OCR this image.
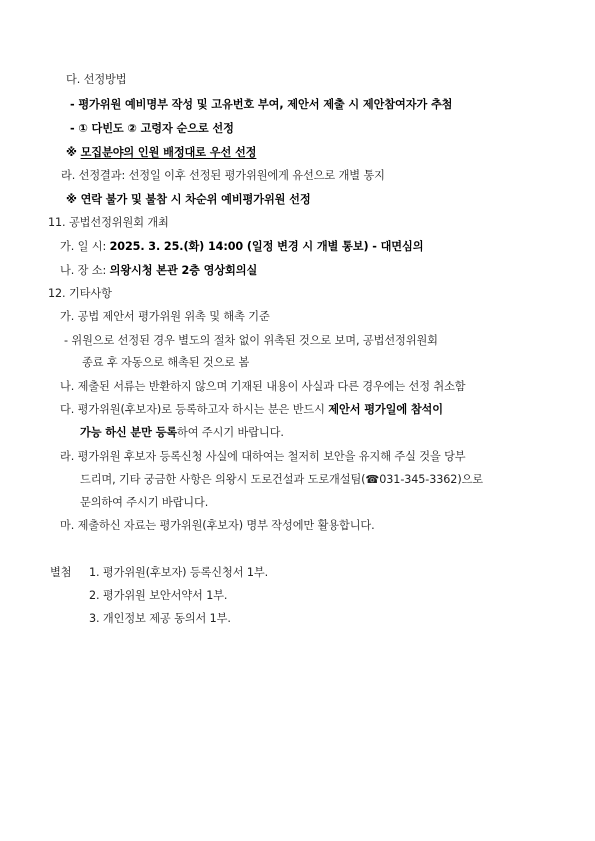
다. 선정방법
- 평가위원 예비명부 작성 및 고유번호 부여, 제안서 제출 시 제안참여자가 추첨
- ① 다빈도 ② 고령자 순으로 선정
※ 모집분야의 인원 배정대로 우선 선정
라. 선정결과: 선정일 이후 선정된 평가위원에게 유선으로 개별 통지
※ 연락 불가 및 불참 시 차순위 예비평가위원 선정
11. 공법선정위원회 개최
가. 일 시: 2025. 3. 25.(화) 14:00 (일정 변경 시 개별 통보) - 대면심의
나. 장 소: 의왕시청 본관 2층 영상회의실
12. 기타사항
가. 공법 제안서 평가위원 위촉 및 해촉 기준
- 위원으로 선정된 경우 별도의 절차 없이 위촉된 것으로 보며, 공법선정위원회
종료 후 자동으로 해촉된 것으로 봄
나. 제출된 서류는 반환하지 않으며 기재된 내용이 사실과 다른 경우에는 선정 취소함
다. 평가위원(후보자)로 등록하고자 하시는 분은 반드시 제안서 평가일에 참석이
가능 하신 분만 등록하여 주시기 바랍니다.
라. 평가위원 후보자 등록신청 사실에 대하여는 철저히 보안을 유지해 주실 것을 당부
드리며, 기타 궁금한 사항은 의왕시 도로건설과 도로개설팀(☎031-345-3362)으로
문의하여 주시기 바랍니다.
마. 제출하신 자료는 평가위원(후보자) 명부 작성에만 활용합니다.
별첨 1. 평가위원(후보자) 등록신청서 1부.
2. 평가위원 보안서약서 1부.
3. 개인정보 제공 동의서 1부.
